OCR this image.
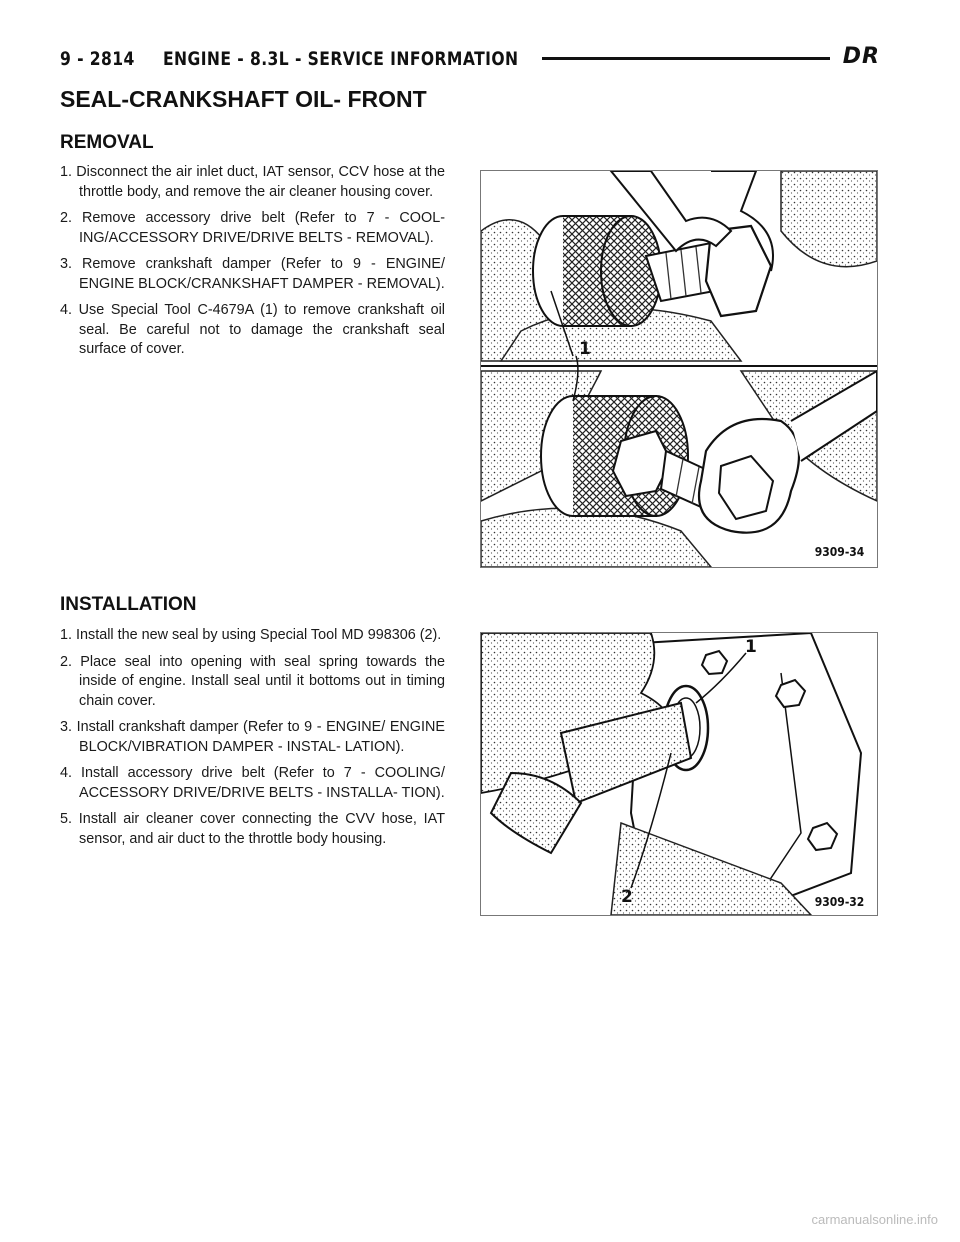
9 - 2814 ENGINE - 8.3L - SERVICE INFORMATION	DR
SEAL-CRANKSHAFT OIL- FRONT
REMOVAL
1. Disconnect the air inlet duct, IAT sensor, CCV hose at the throttle body, and remove the air cleaner housing cover.
2. Remove accessory drive belt (Refer to 7 - COOL- ING/ACCESSORY DRIVE/DRIVE BELTS - REMOVAL).
3. Remove crankshaft damper (Refer to 9 - ENGINE/ ENGINE BLOCK/CRANKSHAFT DAMPER - REMOVAL).
4. Use Special Tool C-4679A (1) to remove crankshaft oil seal. Be careful not to damage the crankshaft seal surface of cover.	1
9309-34
INSTALLATION
1. Install the new seal by using Special Tool MD 998306 (2).
2. Place seal into opening with seal spring towards the inside of engine. Install seal until it bottoms out in timing chain cover.
3. Install crankshaft damper (Refer to 9 - ENGINE/ ENGINE BLOCK/VIBRATION DAMPER - INSTAL- LATION).
4. Install accessory drive belt (Refer to 7 - COOLING/ ACCESSORY DRIVE/DRIVE BELTS - INSTALLA- TION).
5. Install air cleaner cover connecting the CVV hose, IAT sensor, and air duct to the throttle body housing.
1
2	9309-32
carmanualsonline.info
